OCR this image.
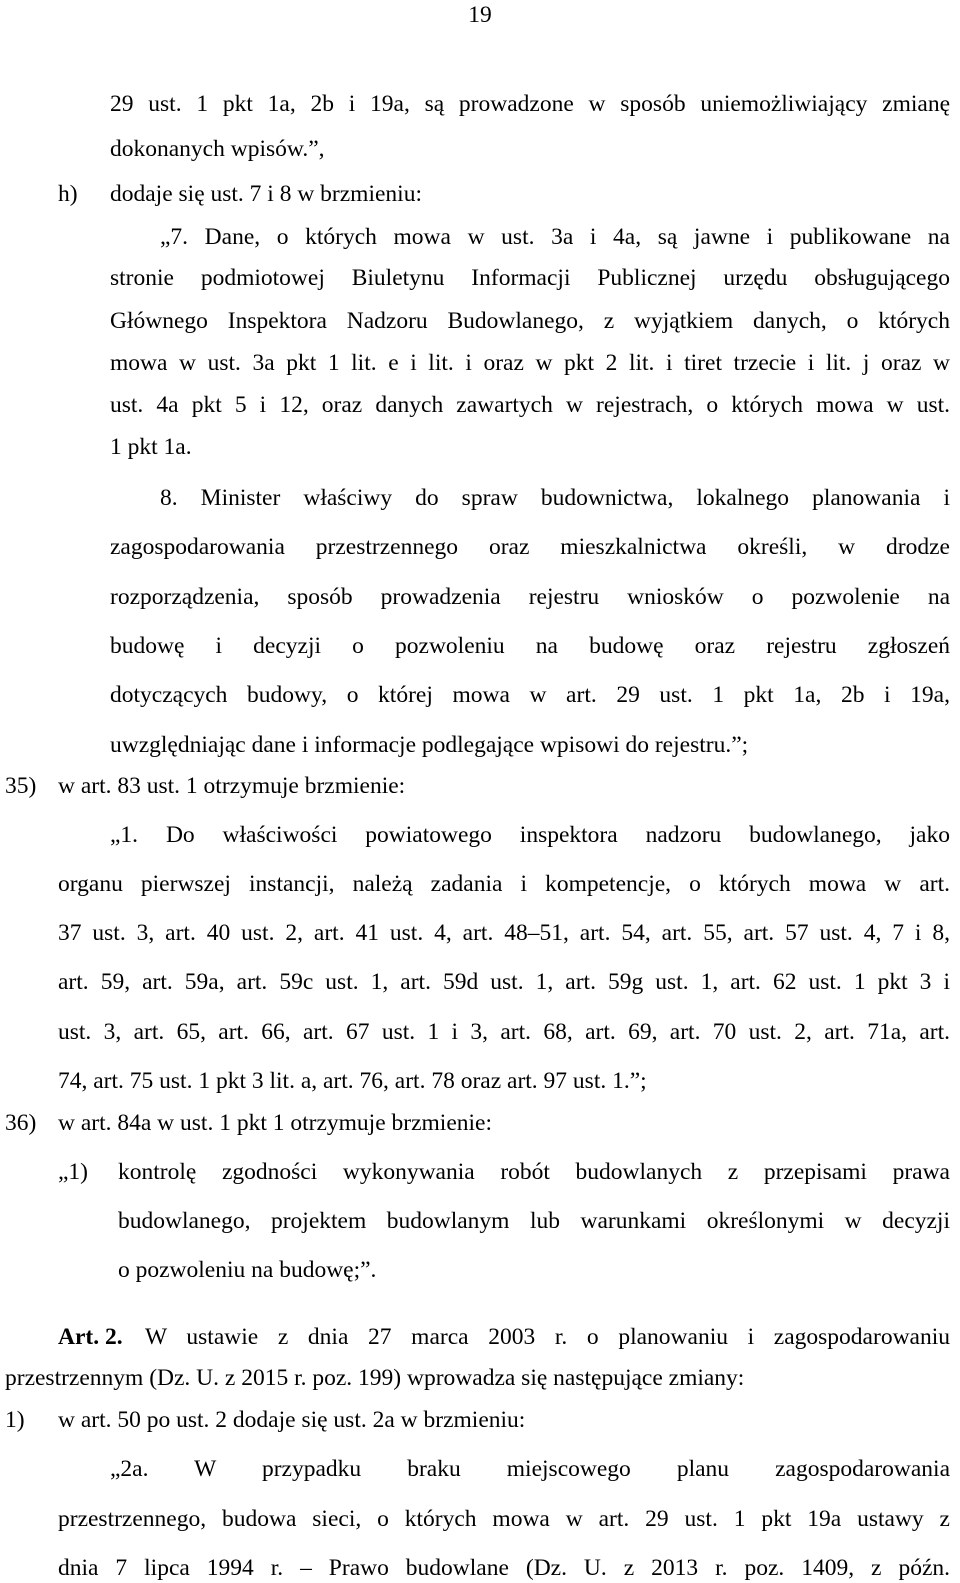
19
29 ust. 1 pkt 1a, 2b i 19a, są prowadzone w sposób uniemożliwiający zmianę
dokonanych wpisów.”,
h) dodaje się ust. 7 i 8 w brzmieniu:
„7. Dane, o których mowa w ust. 3a i 4a, są jawne i publikowane na
stronie podmiotowej Biuletynu Informacji Publicznej urzędu obsługującego
Głównego Inspektora Nadzoru Budowlanego, z wyjątkiem danych, o których
mowa w ust. 3a pkt 1 lit. e i lit. i oraz w pkt 2 lit. i tiret trzecie i lit. j oraz w
ust. 4a pkt 5 i 12, oraz danych zawartych w rejestrach, o których mowa w ust.
1 pkt 1a.
8. Minister właściwy do spraw budownictwa, lokalnego planowania i
zagospodarowania przestrzennego oraz mieszkalnictwa określi, w drodze
rozporządzenia, sposób prowadzenia rejestru wniosków o pozwolenie na
budowę i decyzji o pozwoleniu na budowę oraz rejestru zgłoszeń
dotyczących budowy, o której mowa w art. 29 ust. 1 pkt 1a, 2b i 19a,
uwzględniając dane i informacje podlegające wpisowi do rejestru.”;
35) w art. 83 ust. 1 otrzymuje brzmienie:
„1. Do właściwości powiatowego inspektora nadzoru budowlanego, jako
organu pierwszej instancji, należą zadania i kompetencje, o których mowa w art.
37 ust. 3, art. 40 ust. 2, art. 41 ust. 4, art. 48–51, art. 54, art. 55, art. 57 ust. 4, 7 i 8,
art. 59, art. 59a, art. 59c ust. 1, art. 59d ust. 1, art. 59g ust. 1, art. 62 ust. 1 pkt 3 i
ust. 3, art. 65, art. 66, art. 67 ust. 1 i 3, art. 68, art. 69, art. 70 ust. 2, art. 71a, art.
74, art. 75 ust. 1 pkt 3 lit. a, art. 76, art. 78 oraz art. 97 ust. 1.”;
36) w art. 84a w ust. 1 pkt 1 otrzymuje brzmienie:
„1) kontrolę zgodności wykonywania robót budowlanych z przepisami prawa
budowlanego, projektem budowlanym lub warunkami określonymi w decyzji
o pozwoleniu na budowę;”.
Art. 2. W ustawie z dnia 27 marca 2003 r. o planowaniu i zagospodarowaniu
przestrzennym (Dz. U. z 2015 r. poz. 199) wprowadza się następujące zmiany:
1) w art. 50 po ust. 2 dodaje się ust. 2a w brzmieniu:
„2a. W przypadku braku miejscowego planu zagospodarowania
przestrzennego, budowa sieci, o których mowa w art. 29 ust. 1 pkt 19a ustawy z
dnia 7 lipca 1994 r. – Prawo budowlane (Dz. U. z 2013 r. poz. 1409, z późn.
